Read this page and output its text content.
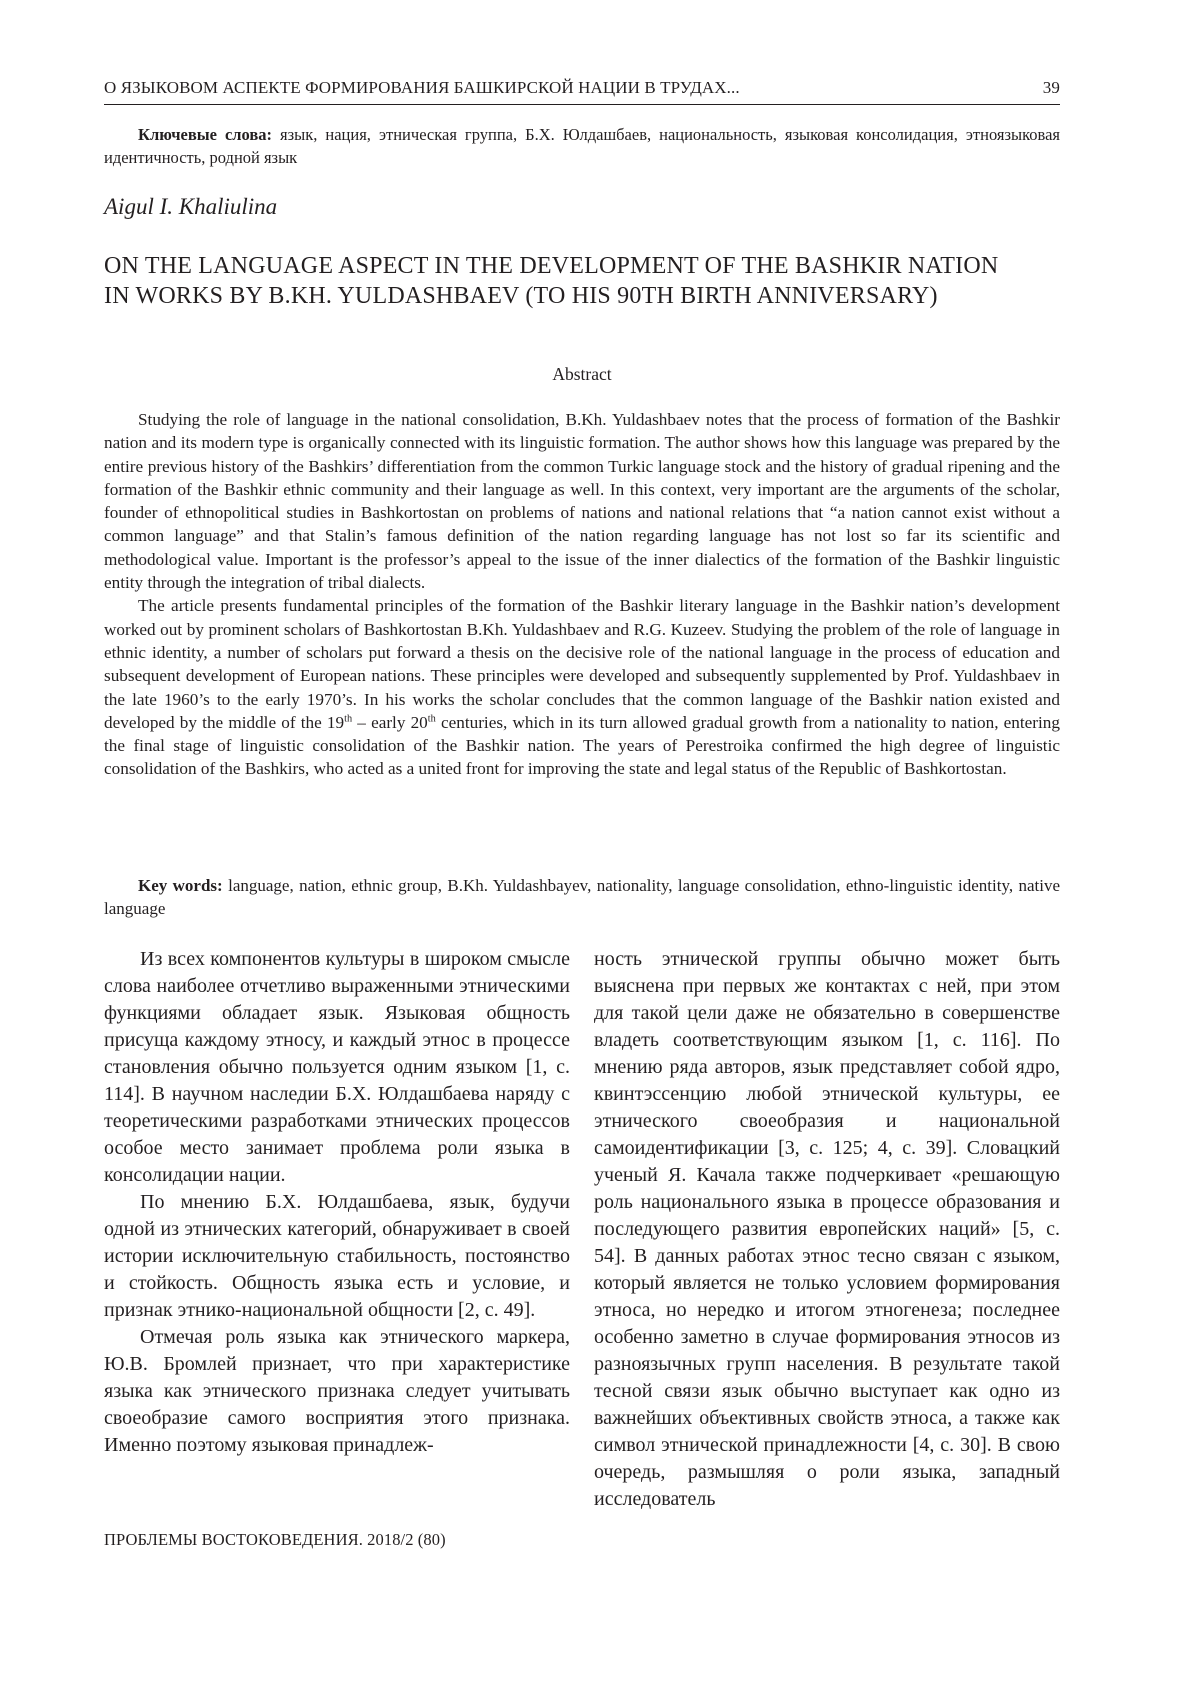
О ЯЗЫКОВОМ АСПЕКТЕ ФОРМИРОВАНИЯ БАШКИРСКОЙ НАЦИИ В ТРУДАХ...	39
Ключевые слова: язык, нация, этническая группа, Б.Х. Юлдашбаев, национальность, языковая консолидация, этноязыковая идентичность, родной язык
Aigul I. Khaliulina
ON THE LANGUAGE ASPECT IN THE DEVELOPMENT OF THE BASHKIR NATION
IN WORKS BY B.KH. YULDASHBAEV (TO HIS 90TH BIRTH ANNIVERSARY)
Abstract

Studying the role of language in the national consolidation, B.Kh. Yuldashbaev notes that the process of formation of the Bashkir nation and its modern type is organically connected with its linguistic formation. The author shows how this language was prepared by the entire previous history of the Bashkirs’ differentiation from the common Turkic language stock and the history of gradual ripening and the formation of the Bashkir ethnic community and their language as well. In this context, very important are the arguments of the scholar, founder of ethnopolitical studies in Bashkortostan on problems of nations and national relations that “a nation cannot exist without a common language” and that Stalin’s famous definition of the nation regarding language has not lost so far its scientific and methodological value. Important is the professor’s appeal to the issue of the inner dialectics of the formation of the Bashkir linguistic entity through the integration of tribal dialects.

The article presents fundamental principles of the formation of the Bashkir literary language in the Bashkir nation’s development worked out by prominent scholars of Bashkortostan B.Kh. Yuldashbaev and R.G. Kuzeev. Studying the problem of the role of language in ethnic identity, a number of scholars put forward a thesis on the decisive role of the national language in the process of education and subsequent development of European nations. These principles were developed and subsequently supplemented by Prof. Yuldashbaev in the late 1960’s to the early 1970’s. In his works the scholar concludes that the common language of the Bashkir nation existed and developed by the middle of the 19th – early 20th centuries, which in its turn allowed gradual growth from a nationality to nation, entering the final stage of linguistic consolidation of the Bashkir nation. The years of Perestroika confirmed the high degree of linguistic consolidation of the Bashkirs, who acted as a united front for improving the state and legal status of the Republic of Bashkortostan.

Key words: language, nation, ethnic group, B.Kh. Yuldashbayev, nationality, language consolidation, ethno-linguistic identity, native language

Из всех компонентов культуры в широком смысле слова наиболее отчетливо выраженными этническими функциями обладает язык. Языковая общность присуща каждому этносу, и каждый этнос в процессе становления обычно пользуется одним языком [1, с. 114]. В научном наследии Б.Х. Юлдашбаева наряду с теоретическими разработками этнических процессов особое место занимает проблема роли языка в консолидации нации.

По мнению Б.Х. Юлдашбаева, язык, будучи одной из этнических категорий, обнаруживает в своей истории исключительную стабильность, постоянство и стойкость. Общность языка есть и условие, и признак этнико-национальной общности [2, с. 49].

Отмечая роль языка как этнического маркера, Ю.В. Бромлей признает, что при характеристике языка как этнического признака следует учитывать своеобразие самого восприятия этого признака. Именно поэтому языковая принадлеж-

ность этнической группы обычно может быть выяснена при первых же контактах с ней, при этом для такой цели даже не обязательно в совершенстве владеть соответствующим языком [1, с. 116]. По мнению ряда авторов, язык представляет собой ядро, квинтэссенцию любой этнической культуры, ее этнического своеобразия и национальной самоидентификации [3, с. 125; 4, с. 39]. Словацкий ученый Я. Качала также подчеркивает «решающую роль национального языка в процессе образования и последующего развития европейских наций» [5, с. 54]. В данных работах этнос тесно связан с языком, который является не только условием формирования этноса, но нередко и итогом этногенеза; последнее особенно заметно в случае формирования этносов из разноязычных групп населения. В результате такой тесной связи язык обычно выступает как одно из важнейших объективных свойств этноса, а также как символ этнической принадлежности [4, с. 30]. В свою очередь, размышляя о роли языка, западный исследователь

ПРОБЛЕМЫ ВОСТОКОВЕДЕНИЯ. 2018/2 (80)
